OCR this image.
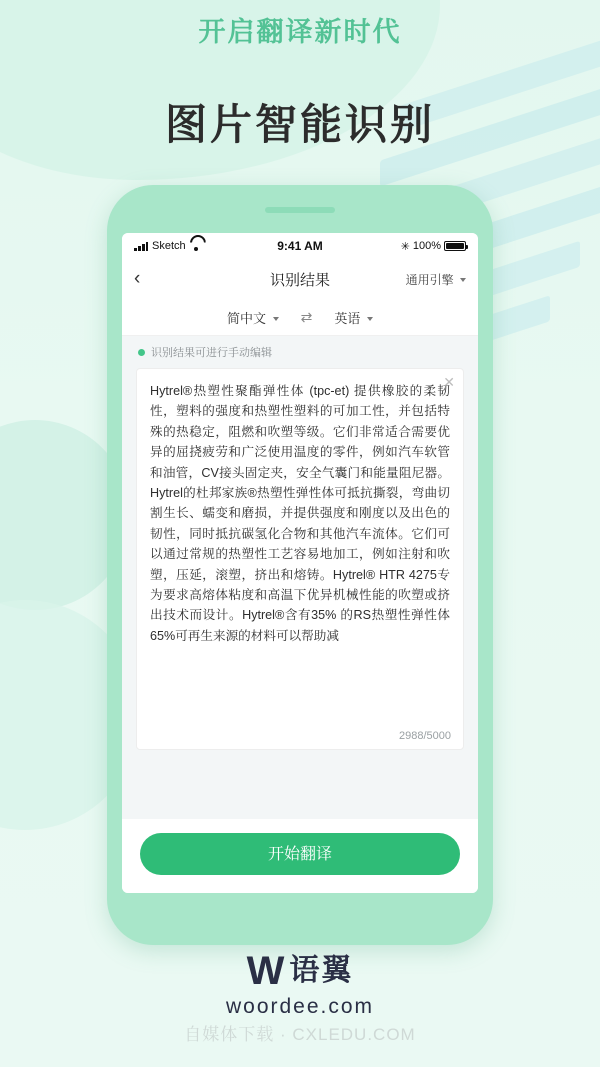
开启翻译新时代
图片智能识别
Sketch	9:41 AM	✳ 100%
‹	识别结果	通用引擎
简中文	⇄ 英语
识别结果可进行手动编辑
✕
Hytrel®热塑性聚酯弹性体 (tpc-et) 提供橡胶的柔韧性，塑料的强度和热塑性塑料的可加工性，并包括特殊的热稳定，阻燃和吹塑等级。它们非常适合需要优异的屈挠疲劳和广泛使用温度的零件，例如汽车软管和油管，CV接头固定夹，安全气囊门和能量阻尼器。Hytrel的杜邦家族®热塑性弹性体可抵抗撕裂，弯曲切割生长、蠕变和磨损，并提供强度和刚度以及出色的韧性，同时抵抗碳氢化合物和其他汽车流体。它们可以通过常规的热塑性工艺容易地加工，例如注射和吹塑，压延，滚塑，挤出和熔铸。Hytrel® HTR 4275专为要求高熔体粘度和高温下优异机械性能的吹塑或挤出技术而设计。Hytrel®含有35% 的RS热塑性弹性体65%可再生来源的材料可以帮助减
2988/5000
开始翻译
W 语翼
woordee.com
自媒体下载 · CXLEDU.COM
